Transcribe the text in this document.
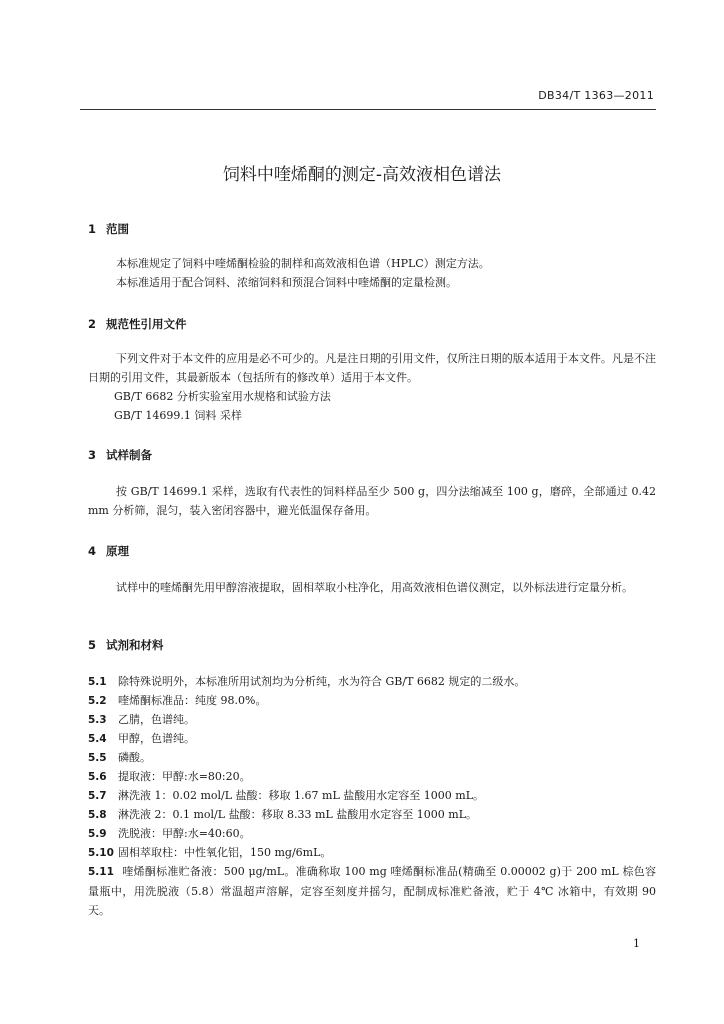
DB34/T 1363—2011
饲料中喹烯酮的测定-高效液相色谱法
1 范围
本标准规定了饲料中喹烯酮检验的制样和高效液相色谱（HPLC）测定方法。
本标准适用于配合饲料、浓缩饲料和预混合饲料中喹烯酮的定量检测。
2 规范性引用文件
下列文件对于本文件的应用是必不可少的。凡是注日期的引用文件，仅所注日期的版本适用于本文件。凡是不注日期的引用文件，其最新版本（包括所有的修改单）适用于本文件。
GB/T 6682 分析实验室用水规格和试验方法
GB/T 14699.1 饲料 采样
3 试样制备
按 GB/T 14699.1 采样，选取有代表性的饲料样品至少 500 g，四分法缩减至 100 g，磨碎，全部通过 0.42 mm 分析筛，混匀，装入密闭容器中，避光低温保存备用。
4 原理
试样中的喹烯酮先用甲醇溶液提取，固相萃取小柱净化，用高效液相色谱仪测定，以外标法进行定量分析。
5 试剂和材料
5.1 除特殊说明外，本标准所用试剂均为分析纯，水为符合 GB/T 6682 规定的二级水。
5.2 喹烯酮标准品：纯度 98.0%。
5.3 乙腈，色谱纯。
5.4 甲醇，色谱纯。
5.5 磷酸。
5.6 提取液：甲醇:水=80:20。
5.7 淋洗液 1：0.02 mol/L 盐酸：移取 1.67 mL 盐酸用水定容至 1000 mL。
5.8 淋洗液 2：0.1 mol/L 盐酸：移取 8.33 mL 盐酸用水定容至 1000 mL。
5.9 洗脱液：甲醇:水=40:60。
5.10 固相萃取柱：中性氧化铝，150 mg/6mL。
5.11 喹烯酮标准贮备液：500 μg/mL。准确称取 100 mg 喹烯酮标准品(精确至 0.00002 g)于 200 mL 棕色容量瓶中，用洗脱液（5.8）常温超声溶解，定容至刻度并摇匀，配制成标准贮备液，贮于 4℃ 冰箱中，有效期 90 天。
1
